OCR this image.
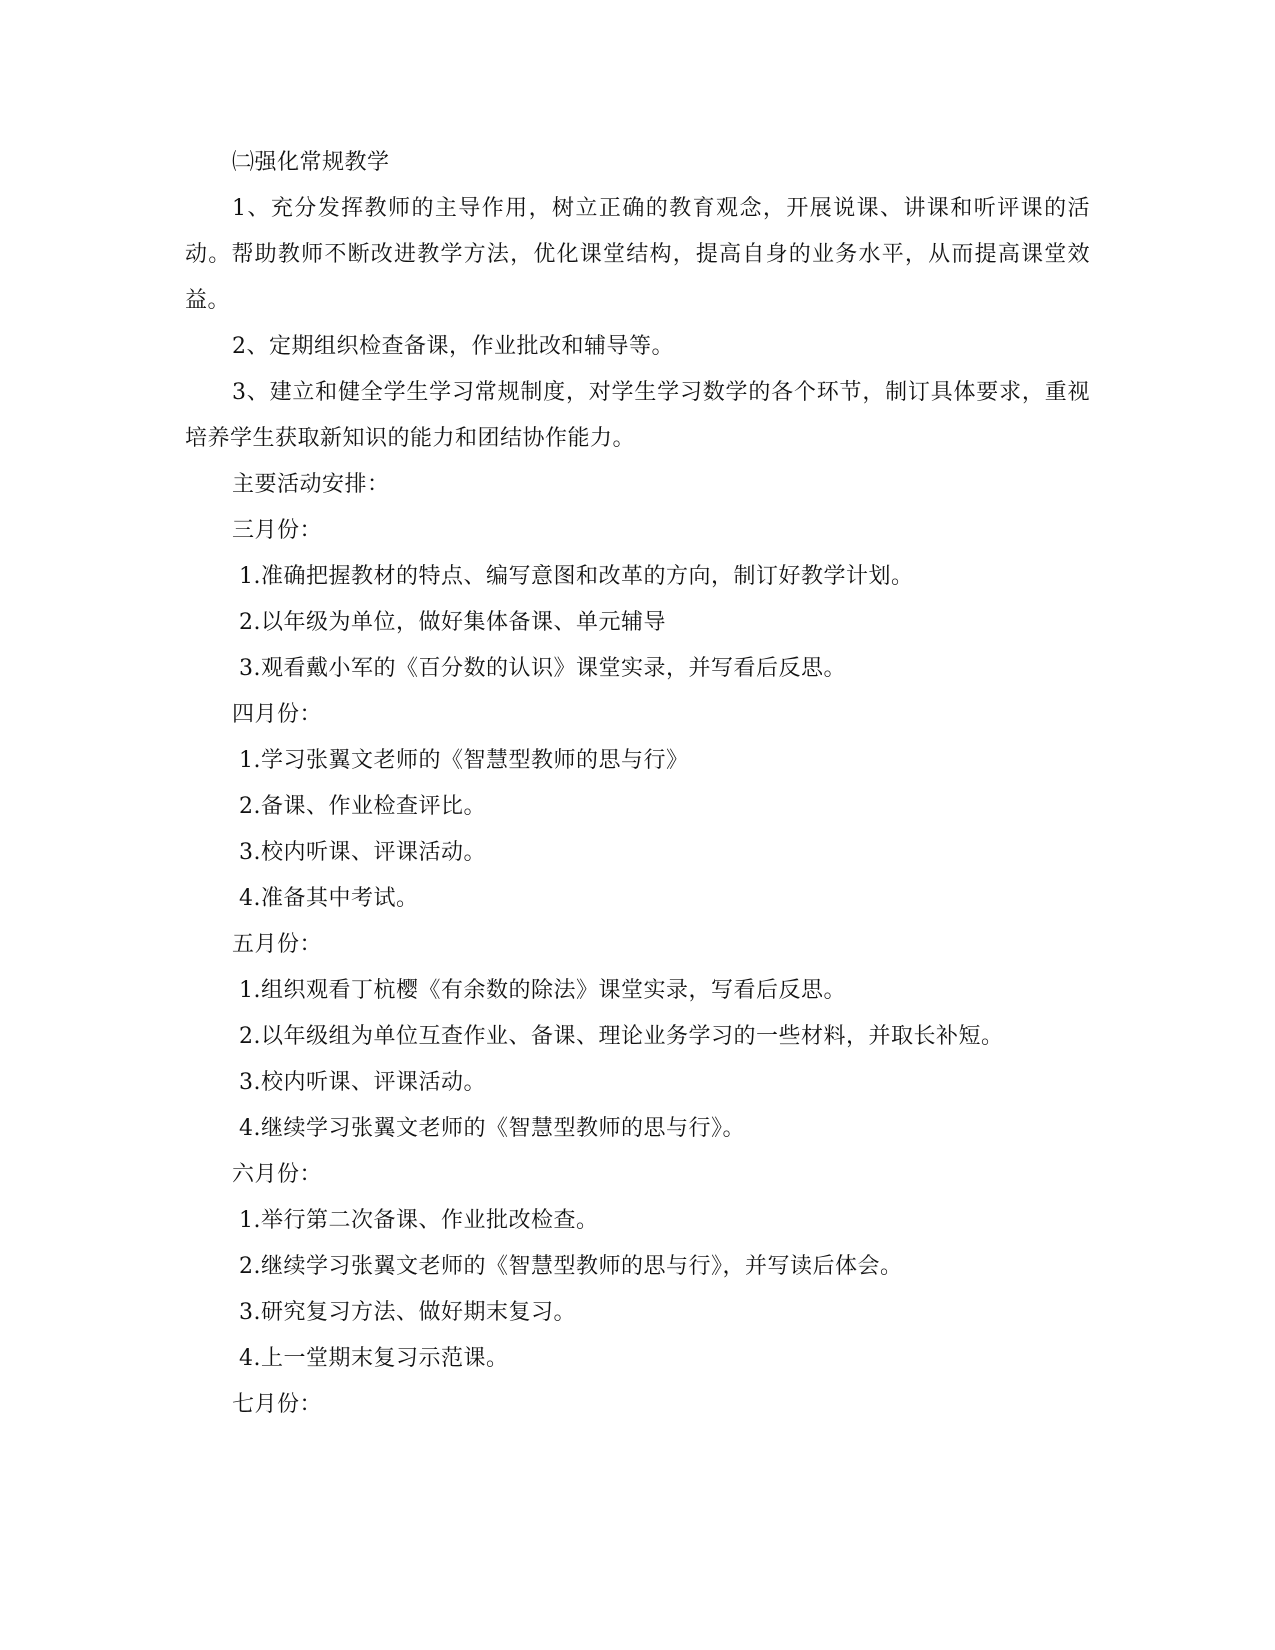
㈡强化常规教学

1、充分发挥教师的主导作用，树立正确的教育观念，开展说课、讲课和听评课的活动。帮助教师不断改进教学方法，优化课堂结构，提高自身的业务水平，从而提高课堂效益。

2、定期组织检查备课，作业批改和辅导等。

3、建立和健全学生学习常规制度，对学生学习数学的各个环节，制订具体要求，重视培养学生获取新知识的能力和团结协作能力。

主要活动安排：

三月份：

1.准确把握教材的特点、编写意图和改革的方向，制订好教学计划。

2.以年级为单位，做好集体备课、单元辅导

3.观看戴小军的《百分数的认识》课堂实录，并写看后反思。

四月份：

1.学习张翼文老师的《智慧型教师的思与行》

2.备课、作业检查评比。

3.校内听课、评课活动。

4.准备其中考试。

五月份：

1.组织观看丁杭樱《有余数的除法》课堂实录，写看后反思。

2.以年级组为单位互查作业、备课、理论业务学习的一些材料，并取长补短。

3.校内听课、评课活动。

4.继续学习张翼文老师的《智慧型教师的思与行》。

六月份：

1.举行第二次备课、作业批改检查。

2.继续学习张翼文老师的《智慧型教师的思与行》，并写读后体会。

3.研究复习方法、做好期末复习。

4.上一堂期末复习示范课。

七月份：
